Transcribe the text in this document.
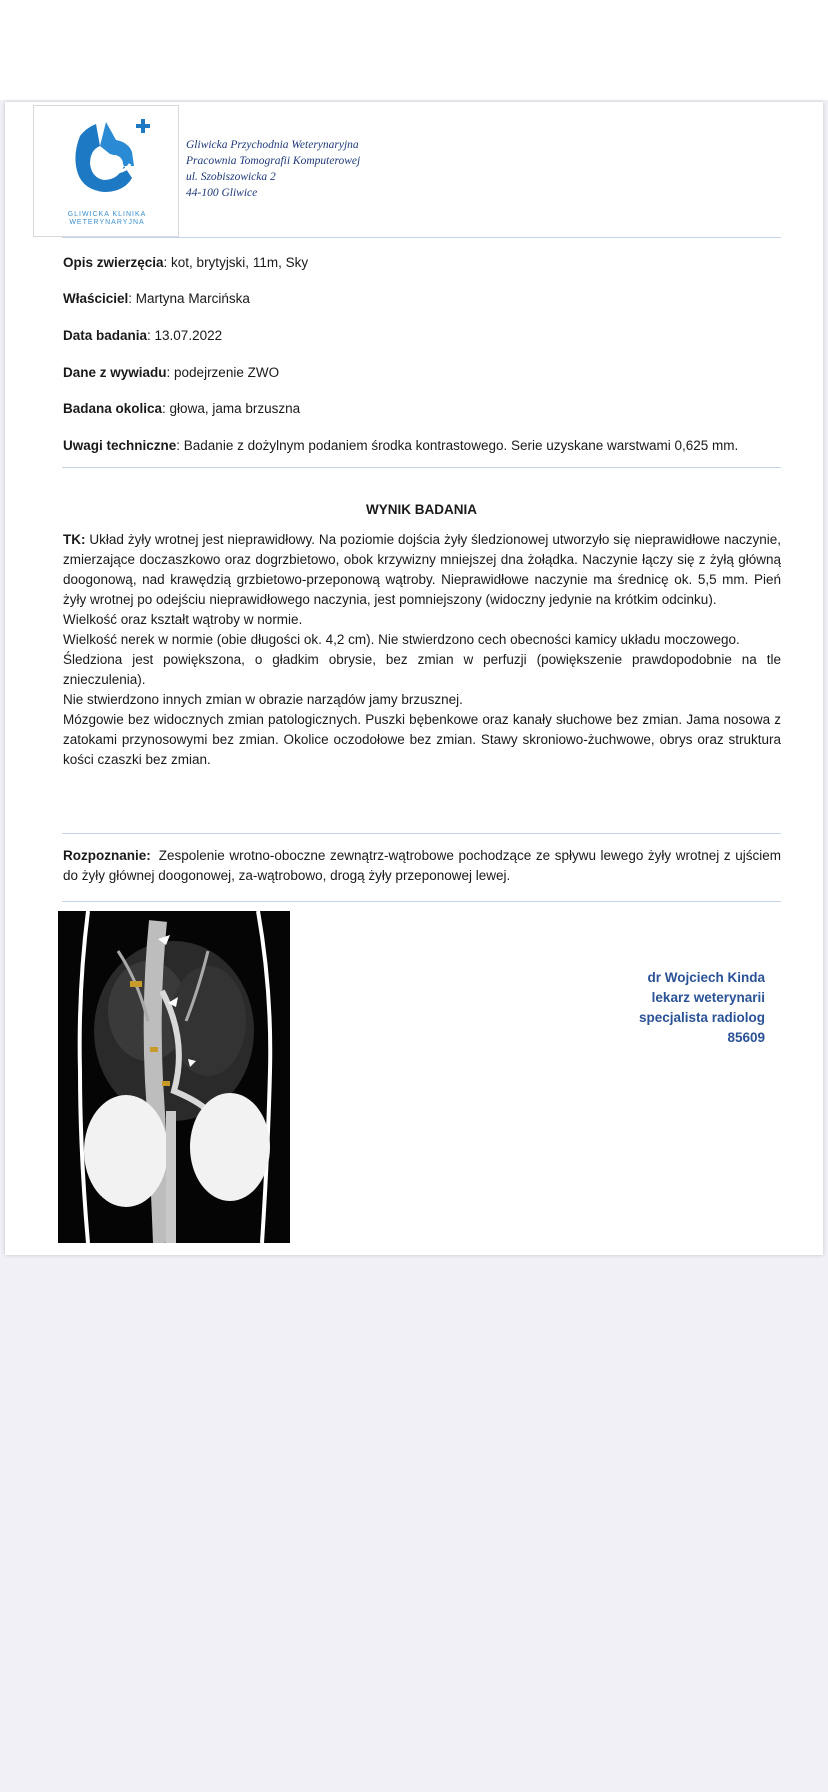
GLIWICKA KLINIKA
WETERYNARYJNA
Gliwicka Przychodnia Weterynaryjna
Pracownia Tomografii Komputerowej
ul. Szobiszowicka 2
44-100 Gliwice
Opis zwierzęcia: kot, brytyjski, 11m, Sky
Właściciel: Martyna Marcińska
Data badania: 13.07.2022
Dane z wywiadu: podejrzenie ZWO
Badana okolica: głowa, jama brzuszna
Uwagi techniczne: Badanie z dożylnym podaniem środka kontrastowego. Serie uzyskane warstwami 0,625 mm.
WYNIK BADANIA

TK: Układ żyły wrotnej jest nieprawidłowy. Na poziomie dojścia żyły śledzionowej utworzyło się nieprawidłowe naczynie, zmierzające doczaszkowo oraz dogrzbietowo, obok krzywizny mniejszej dna żołądka. Naczynie łączy się z żyłą główną doogonową, nad krawędzią grzbietowo-przeponową wątroby. Nieprawidłowe naczynie ma średnicę ok. 5,5 mm. Pień żyły wrotnej po odejściu nieprawidłowego naczynia, jest pomniejszony (widoczny jedynie na krótkim odcinku).

Wielkość oraz kształt wątroby w normie.

Wielkość nerek w normie (obie długości ok. 4,2 cm). Nie stwierdzono cech obecności kamicy układu moczowego.

Śledziona jest powiększona, o gładkim obrysie, bez zmian w perfuzji (powiększenie prawdopodobnie na tle znieczulenia).

Nie stwierdzono innych zmian w obrazie narządów jamy brzusznej.

Mózgowie bez widocznych zmian patologicznych. Puszki bębenkowe oraz kanały słuchowe bez zmian. Jama nosowa z zatokami przynosowymi bez zmian. Okolice oczodołowe bez zmian. Stawy skroniowo-żuchwowe, obrys oraz struktura kości czaszki bez zmian.

Rozpoznanie: Zespolenie wrotno-oboczne zewnątrz-wątrobowe pochodzące ze spływu lewego żyły wrotnej z ujściem do żyły głównej doogonowej, za-wątrobowo, drogą żyły przeponowej lewej.
dr Wojciech Kinda
lekarz weterynarii
specjalista radiolog
85609
